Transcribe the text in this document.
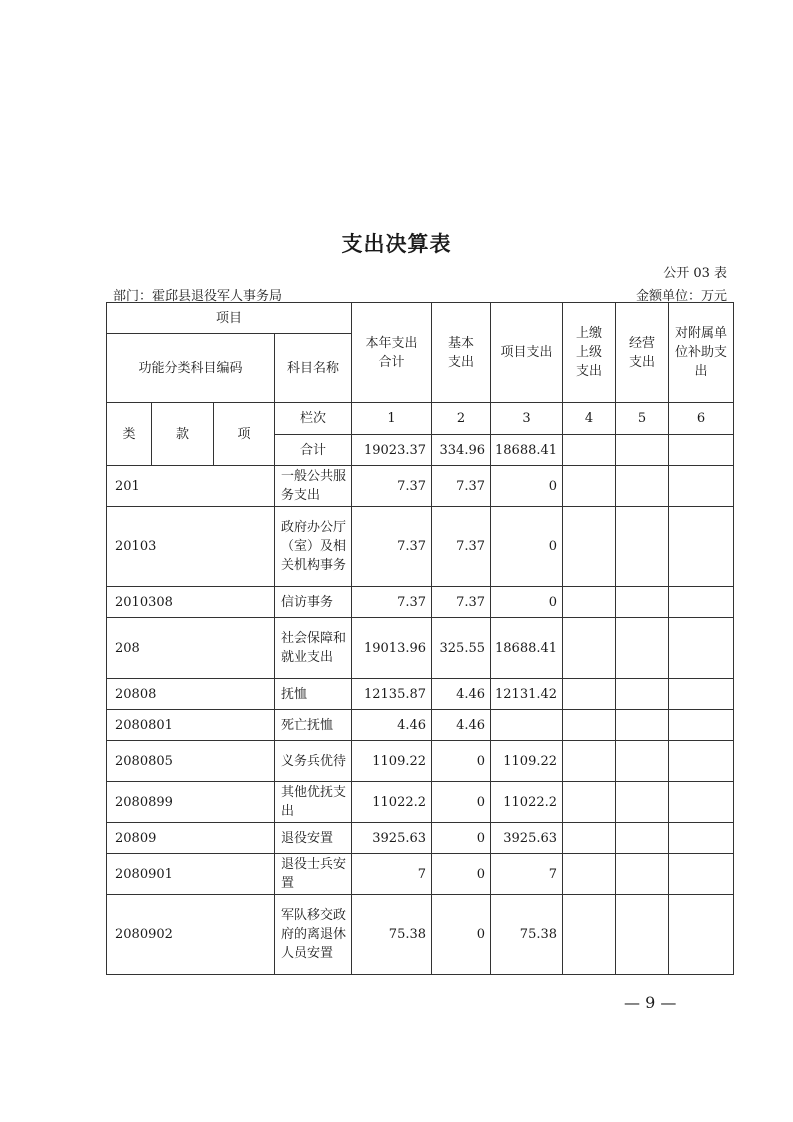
支出决算表
公开 03 表
部门：霍邱县退役军人事务局	金额单位：万元
项目				本年支出合计	基本支出	项目支出	上缴上级支出	经营支出	对附属单位补助支出
功能分类科目编码			科目名称						
类	款	项	栏次	1	2	3	4	5	6
			合计	19023.37	334.96	18688.41			
201			一般公共服务支出	7.37	7.37	0			
20103			政府办公厅（室）及相关机构事务	7.37	7.37	0			
2010308			信访事务	7.37	7.37	0			
208			社会保障和就业支出	19013.96	325.55	18688.41			
20808			抚恤	12135.87	4.46	12131.42			
2080801			死亡抚恤	4.46	4.46				
2080805			义务兵优待	1109.22	0	1109.22			
2080899			其他优抚支出	11022.2	0	11022.2			
20809			退役安置	3925.63	0	3925.63			
2080901			退役士兵安置	7	0	7			
2080902			军队移交政府的离退休人员安置	75.38	0	75.38			
— 9 —
